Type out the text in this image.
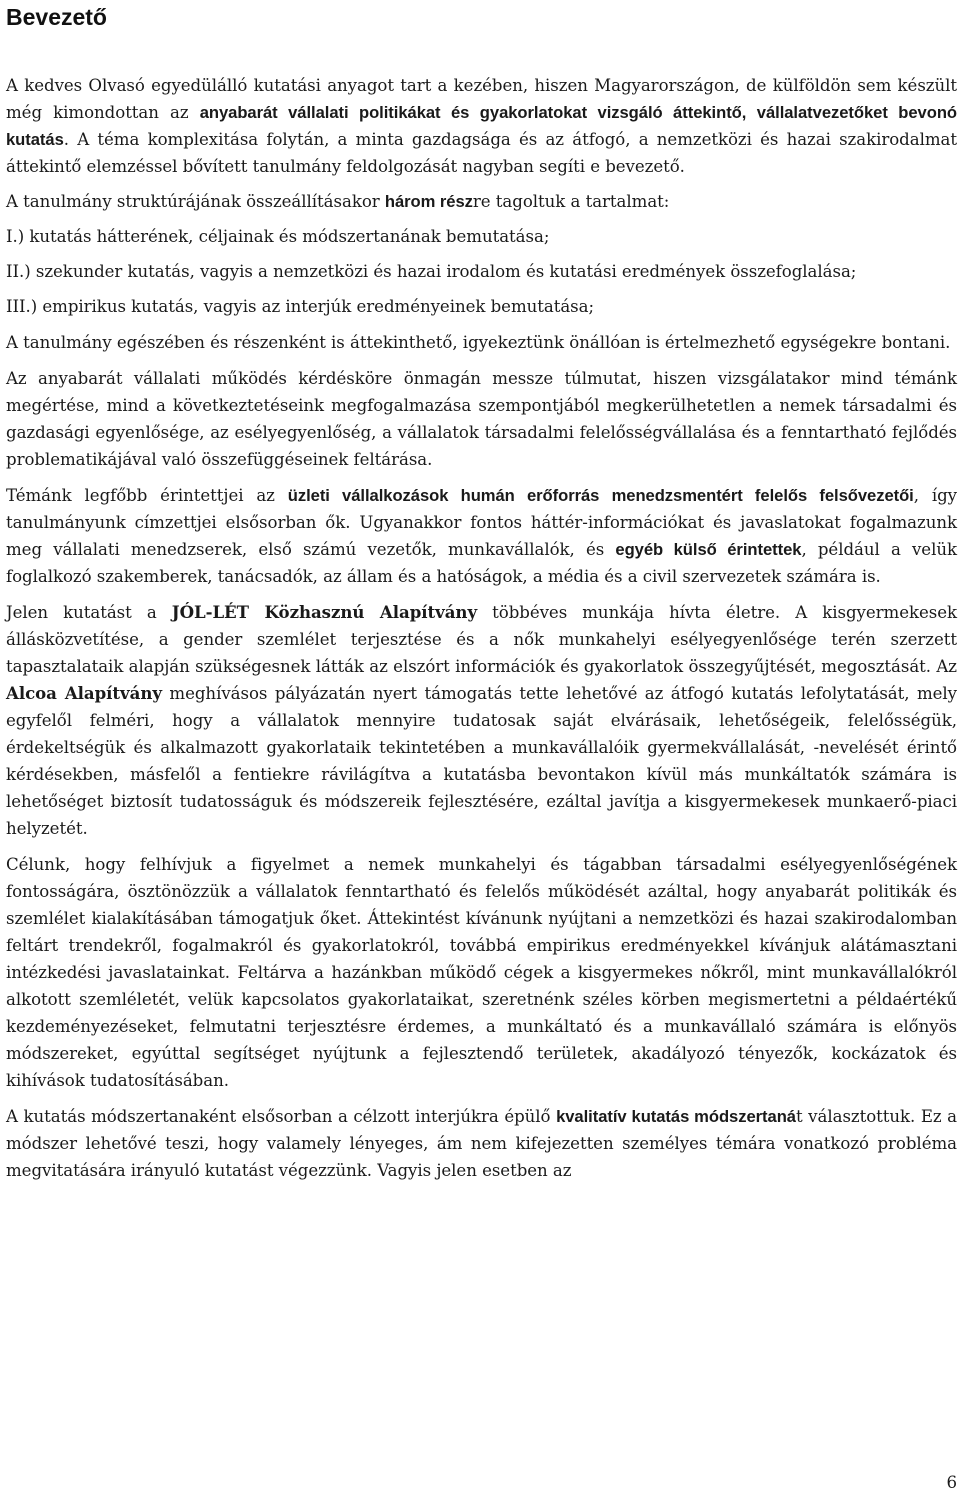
Bevezető

A kedves Olvasó egyedülálló kutatási anyagot tart a kezében, hiszen Magyarországon, de külföldön sem készült még kimondottan az anyabarát vállalati politikákat és gyakorlatokat vizsgáló áttekintő, vállalatvezetőket bevonó kutatás. A téma komplexitása folytán, a minta gazdagsága és az átfogó, a nemzetközi és hazai szakirodalmat áttekintő elemzéssel bővített tanulmány feldolgozását nagyban segíti e bevezető.

A tanulmány struktúrájának összeállításakor három részre tagoltuk a tartalmat:

I.) kutatás hátterének, céljainak és módszertanának bemutatása;

II.) szekunder kutatás, vagyis a nemzetközi és hazai irodalom és kutatási eredmények összefoglalása;

III.) empirikus kutatás, vagyis az interjúk eredményeinek bemutatása;

A tanulmány egészében és részenként is áttekinthető, igyekeztünk önállóan is értelmezhető egységekre bontani.

Az anyabarát vállalati működés kérdésköre önmagán messze túlmutat, hiszen vizsgálatakor mind témánk megértése, mind a következtetéseink megfogalmazása szempontjából megkerülhetetlen a nemek társadalmi és gazdasági egyenlősége, az esélyegyenlőség, a vállalatok társadalmi felelősségvállalása és a fenntartható fejlődés problematikájával való összefüggéseinek feltárása.

Témánk legfőbb érintettjei az üzleti vállalkozások humán erőforrás menedzsmentért felelős felsővezetői, így tanulmányunk címzettjei elsősorban ők. Ugyanakkor fontos háttér-információkat és javaslatokat fogalmazunk meg vállalati menedzserek, első számú vezetők, munkavállalók, és egyéb külső érintettek, például a velük foglalkozó szakemberek, tanácsadók, az állam és a hatóságok, a média és a civil szervezetek számára is.

Jelen kutatást a JÓL-LÉT Közhasznú Alapítvány többéves munkája hívta életre. A kisgyermekesek állásközvetítése, a gender szemlélet terjesztése és a nők munkahelyi esélyegyenlősége terén szerzett tapasztalataik alapján szükségesnek látták az elszórt információk és gyakorlatok összegyűjtését, megosztását. Az Alcoa Alapítvány meghívásos pályázatán nyert támogatás tette lehetővé az átfogó kutatás lefolytatását, mely egyfelől felméri, hogy a vállalatok mennyire tudatosak saját elvárásaik, lehetőségeik, felelősségük, érdekeltségük és alkalmazott gyakorlataik tekintetében a munkavállalóik gyermekvállalását, -nevelését érintő kérdésekben, másfelől a fentiekre rávilágítva a kutatásba bevontakon kívül más munkáltatók számára is lehetőséget biztosít tudatosságuk és módszereik fejlesztésére, ezáltal javítja a kisgyermekesek munkaerő-piaci helyzetét.

Célunk, hogy felhívjuk a figyelmet a nemek munkahelyi és tágabban társadalmi esélyegyenlőségének fontosságára, ösztönözzük a vállalatok fenntartható és felelős működését azáltal, hogy anyabarát politikák és szemlélet kialakításában támogatjuk őket. Áttekintést kívánunk nyújtani a nemzetközi és hazai szakirodalomban feltárt trendekről, fogalmakról és gyakorlatokról, továbbá empirikus eredményekkel kívánjuk alátámasztani intézkedési javaslatainkat. Feltárva a hazánkban működő cégek a kisgyermekes nőkről, mint munkavállalókról alkotott szemléletét, velük kapcsolatos gyakorlataikat, szeretnénk széles körben megismertetni a példaértékű kezdeményezéseket, felmutatni terjesztésre érdemes, a munkáltató és a munkavállaló számára is előnyös módszereket, egyúttal segítséget nyújtunk a fejlesztendő területek, akadályozó tényezők, kockázatok és kihívások tudatosításában.

A kutatás módszertanaként elsősorban a célzott interjúkra épülő kvalitatív kutatás módszertanát választottuk. Ez a módszer lehetővé teszi, hogy valamely lényeges, ám nem kifejezetten személyes témára vonatkozó probléma megvitatására irányuló kutatást végezzünk. Vagyis jelen esetben az

6
